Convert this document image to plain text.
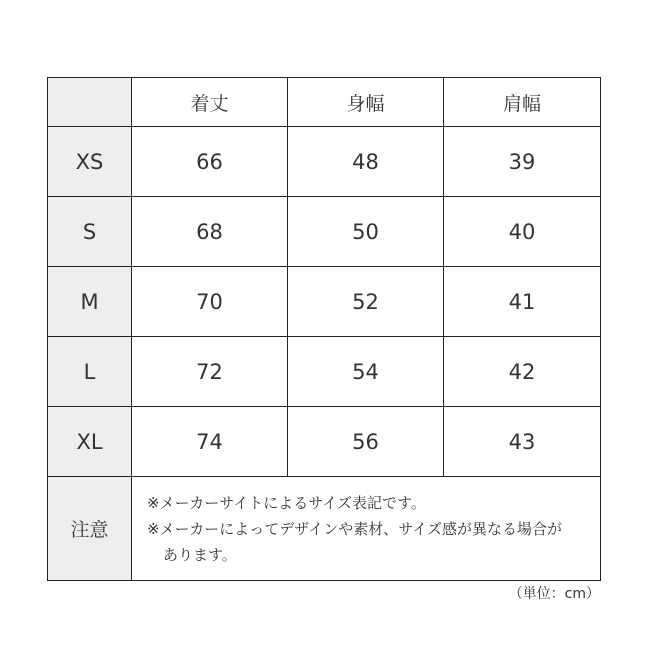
	着丈	身幅	肩幅
XS	66	48	39
S	68	50	40
M	70	52	41
L	72	54	42
XL	74	56	43
注意	※メーカーサイトによるサイズ表記です。
※メーカーによってデザインや素材、サイズ感が異なる場合が
あります。		
（単位：cm）
